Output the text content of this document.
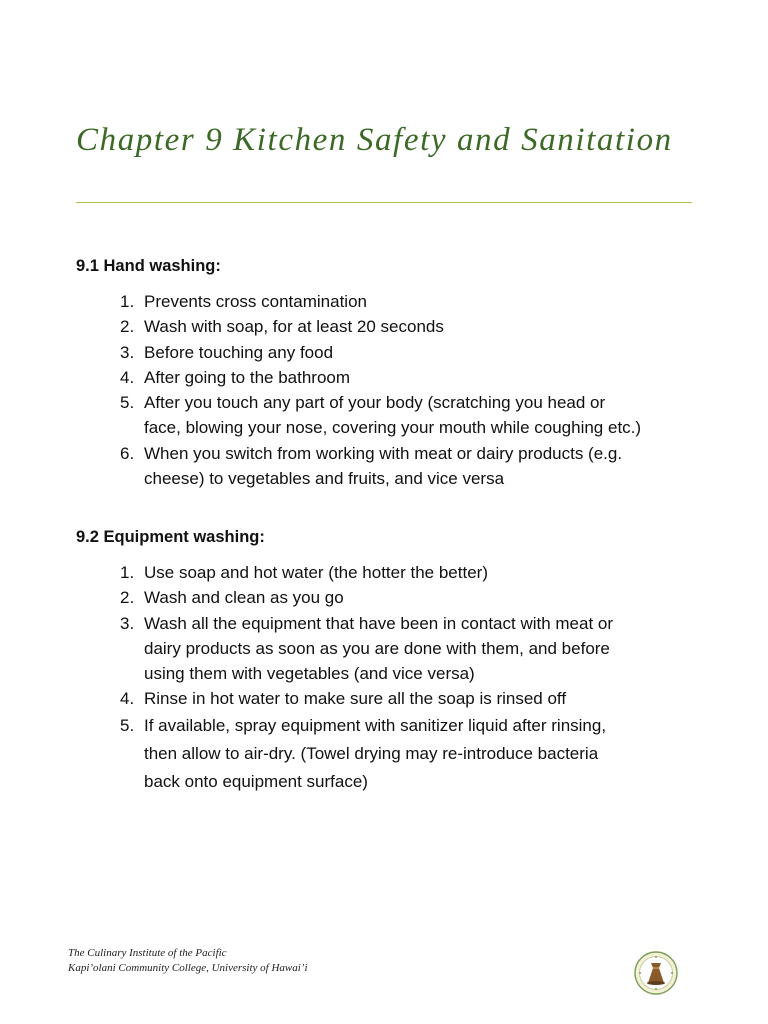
Chapter 9 Kitchen Safety and Sanitation

9.1 Hand washing:

1. Prevents cross contamination
2. Wash with soap, for at least 20 seconds
3. Before touching any food
4. After going to the bathroom
5. After you touch any part of your body (scratching you head or
face, blowing your nose, covering your mouth while coughing etc.)
6. When you switch from working with meat or dairy products (e.g.
cheese) to vegetables and fruits, and vice versa

9.2 Equipment washing:

1. Use soap and hot water (the hotter the better)
2. Wash and clean as you go
3. Wash all the equipment that have been in contact with meat or
dairy products as soon as you are done with them, and before
using them with vegetables (and vice versa)
4. Rinse in hot water to make sure all the soap is rinsed off
5. If available, spray equipment with sanitizer liquid after rinsing,
then allow to air-dry. (Towel drying may re-introduce bacteria
back onto equipment surface)
The Culinary Institute of the Pacific
Kapi’olani Community College, University of Hawai’i
